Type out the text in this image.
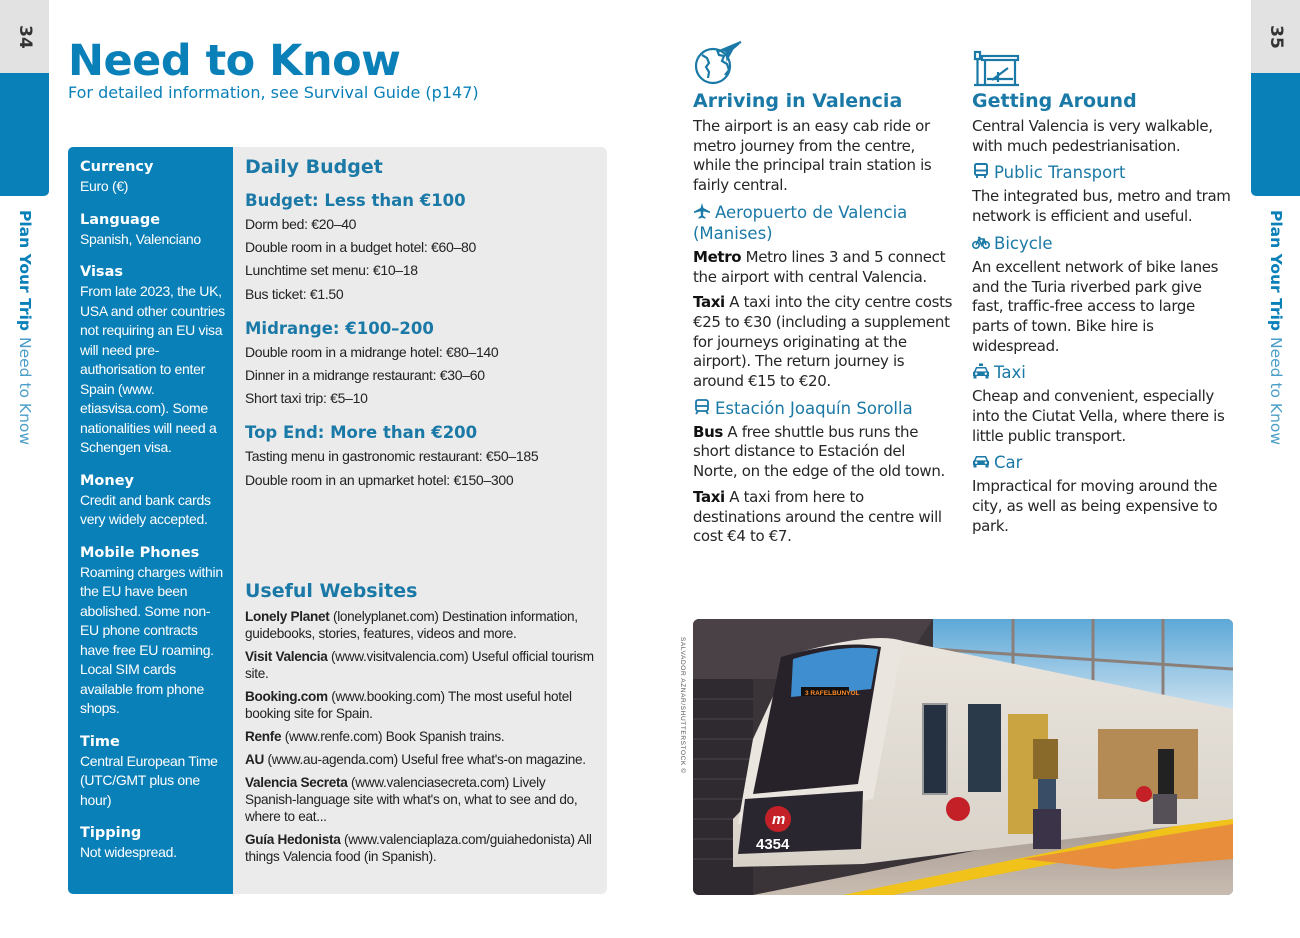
34
Plan Your TripNeed to Know
35
Plan Your TripNeed to Know
Need to Know
For detailed information, see Survival Guide (p147)
Currency

Euro (€)

Language

Spanish, Valenciano

Visas

From late 2023, the UK, USA and other countries not requiring an EU visa will need pre-authorisation to enter Spain (www. etiasvisa.com). Some nationalities will need a Schengen visa.

Money

Credit and bank cards very widely accepted.

Mobile Phones

Roaming charges within the EU have been abolished. Some non-EU phone contracts have free EU roaming. Local SIM cards available from phone shops.

Time

Central European Time (UTC/GMT plus one hour)

Tipping

Not widespread.

Daily Budget
Budget: Less than €100
Dorm bed: €20–40
Double room in a budget hotel: €60–80
Lunchtime set menu: €10–18
Bus ticket: €1.50
Midrange: €100–200
Double room in a midrange hotel: €80–140
Dinner in a midrange restaurant: €30–60
Short taxi trip: €5–10
Top End: More than €200
Tasting menu in gastronomic restaurant: €50–185
Double room in an upmarket hotel: €150–300
Useful Websites
Lonely Planet (lonelyplanet.com) Destination information, guidebooks, stories, features, videos and more.
Visit Valencia (www.visitvalencia.com) Useful official tourism site.
Booking.com (www.booking.com) The most useful hotel booking site for Spain.
Renfe (www.renfe.com) Book Spanish trains.
AU (www.au-agenda.com) Useful free what's-on magazine.
Valencia Secreta (www.valenciasecreta.com) Lively Spanish-language site with what's on, what to see and do, where to eat...
Guía Hedonista (www.valenciaplaza.com/guiahedonista) All things Valencia food (in Spanish).
Arriving in Valencia

The airport is an easy cab ride or metro journey from the centre, while the principal train station is fairly central.

Aeropuerto de Valencia (Manises)

Metro Metro lines 3 and 5 connect the airport with central Valencia.

Taxi A taxi into the city centre costs €25 to €30 (including a supplement for journeys originating at the airport). The return journey is around €15 to €20.

Estación Joaquín Sorolla

Bus A free shuttle bus runs the short distance to Estación del Norte, on the edge of the old town.

Taxi A taxi from here to destinations around the centre will cost €4 to €7.

Getting Around

Central Valencia is very walkable, with much pedestrianisation.

Public Transport

The integrated bus, metro and tram network is efficient and useful.

Bicycle

An excellent network of bike lanes and the Turia riverbed park give fast, traffic-free access to large parts of town. Bike hire is widespread.

Taxi

Cheap and convenient, especially into the Ciutat Vella, where there is little public transport.

Car

Impractical for moving around the city, as well as being expensive to park.

SALVADOR AZNAR/SHUTTERSTOCK ©	3 RAFELBUNYOL
m
4354
